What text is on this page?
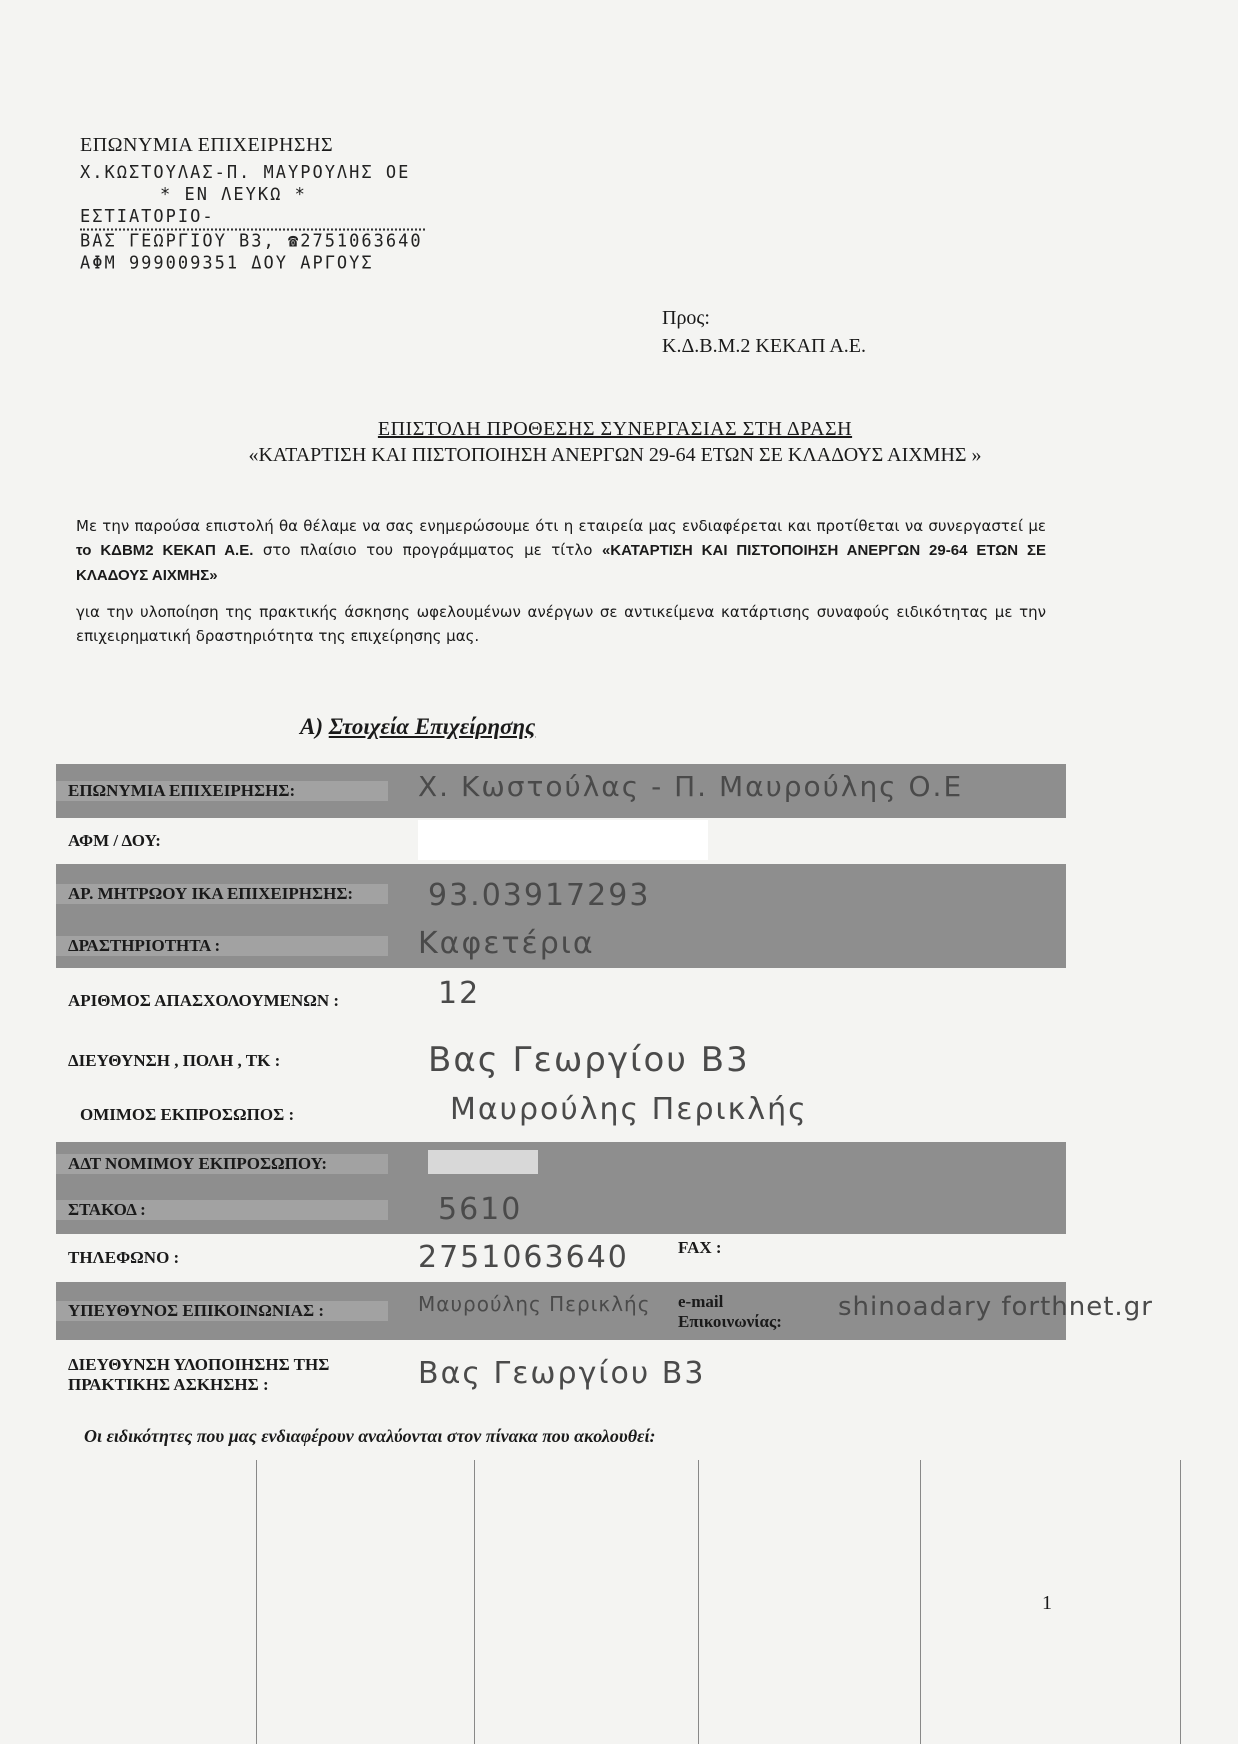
ΕΠΩΝΥΜΙΑ ΕΠΙΧΕΙΡΗΣΗΣ
Χ.ΚΩΣΤΟΥΛΑΣ-Π. ΜΑΥΡΟΥΛΗΣ ΟΕ
* ΕΝ ΛΕΥΚΩ *
ΕΣΤΙΑΤΟΡΙΟ-
ΒΑΣ ΓΕΩΡΓΙΟΥ Β3, ☎2751063640
ΑΦΜ 999009351 ΔΟΥ ΑΡΓΟΥΣ
Προς:
Κ.Δ.Β.Μ.2 ΚΕΚΑΠ Α.Ε.
ΕΠΙΣΤΟΛΗ ΠΡΟΘΕΣΗΣ ΣΥΝΕΡΓΑΣΙΑΣ ΣΤΗ ΔΡΑΣΗ
«ΚΑΤΑΡΤΙΣΗ ΚΑΙ ΠΙΣΤΟΠΟΙΗΣΗ ΑΝΕΡΓΩΝ 29-64 ΕΤΩΝ ΣΕ ΚΛΑΔΟΥΣ ΑΙΧΜΗΣ »

Με την παρούσα επιστολή θα θέλαμε να σας ενημερώσουμε ότι η εταιρεία μας ενδιαφέρεται και προτίθεται να συνεργαστεί με το ΚΔΒΜ2 ΚΕΚΑΠ Α.Ε. στο πλαίσιο του προγράμματος με τίτλο «ΚΑΤΑΡΤΙΣΗ ΚΑΙ ΠΙΣΤΟΠΟΙΗΣΗ ΑΝΕΡΓΩΝ 29-64 ΕΤΩΝ ΣΕ ΚΛΑΔΟΥΣ ΑΙΧΜΗΣ»

για την υλοποίηση της πρακτικής άσκησης ωφελουμένων ανέργων σε αντικείμενα κατάρτισης συναφούς ειδικότητας με την επιχειρηματική δραστηριότητα της επιχείρησης μας.

Α) Στοιχεία Επιχείρησης
ΕΠΩΝΥΜΙΑ ΕΠΙΧΕΙΡΗΣΗΣ:	Χ. Κωστούλας - Π. Μαυρούλης Ο.Ε
ΑΦΜ / ΔΟΥ:
ΑΡ. ΜΗΤΡΩΟΥ ΙΚΑ ΕΠΙΧΕΙΡΗΣΗΣ:	93.03917293
ΔΡΑΣΤΗΡΙΟΤΗΤΑ :	Καφετέρια
ΑΡΙΘΜΟΣ ΑΠΑΣΧΟΛΟΥΜΕΝΩΝ :	12
ΔΙΕΥΘΥΝΣΗ , ΠΟΛΗ , ΤΚ :	Βας Γεωργίου Β3
ΟΜΙΜΟΣ ΕΚΠΡΟΣΩΠΟΣ :	Μαυρούλης Περικλής
ΑΔΤ ΝΟΜΙΜΟΥ ΕΚΠΡΟΣΩΠΟΥ:
ΣΤΑΚΟΔ :	5610
ΤΗΛΕΦΩΝΟ :	2751063640	FAX :
ΥΠΕΥΘΥΝΟΣ ΕΠΙΚΟΙΝΩΝΙΑΣ :	Μαυρούλης Περικλής e-mail Επικοινωνίας:	shinoadary forthnet.gr
ΔΙΕΥΘΥΝΣΗ ΥΛΟΠΟΙΗΣΗΣ ΤΗΣ ΠΡΑΚΤΙΚΗΣ ΑΣΚΗΣΗΣ :	Βας Γεωργίου Β3
Οι ειδικότητες που μας ενδιαφέρουν αναλύονται στον πίνακα που ακολουθεί:
1
